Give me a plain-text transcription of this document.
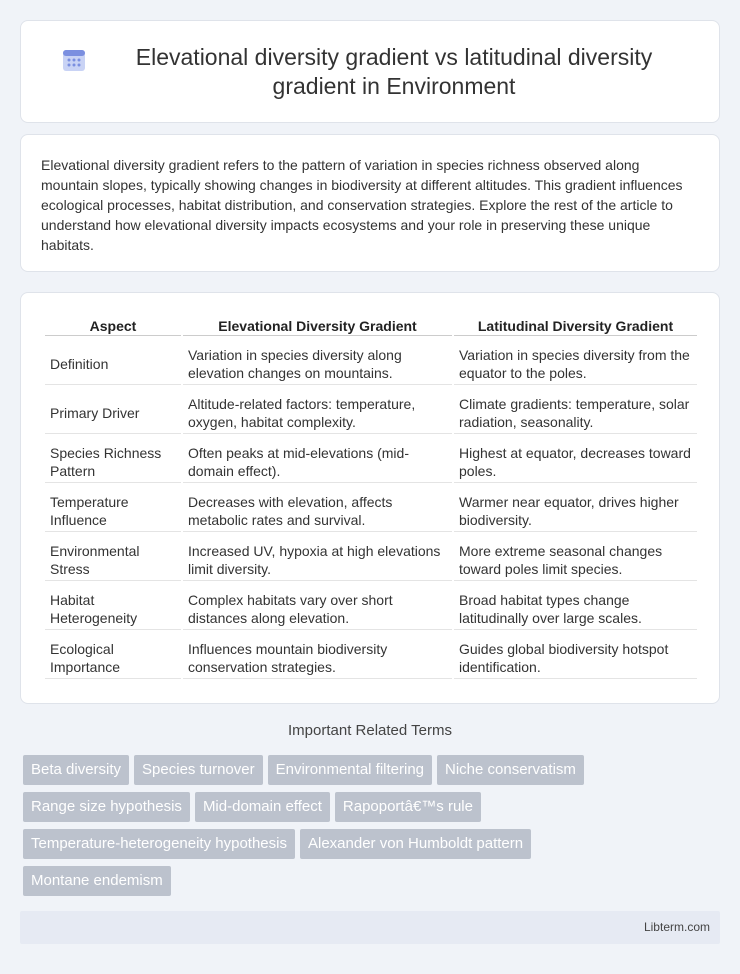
Elevational diversity gradient vs latitudinal diversity gradient in Environment

Elevational diversity gradient refers to the pattern of variation in species richness observed along mountain slopes, typically showing changes in biodiversity at different altitudes. This gradient influences ecological processes, habitat distribution, and conservation strategies. Explore the rest of the article to understand how elevational diversity impacts ecosystems and your role in preserving these unique habitats.

Aspect	Elevational Diversity Gradient	Latitudinal Diversity Gradient
Definition	Variation in species diversity along elevation changes on mountains.	Variation in species diversity from the equator to the poles.
Primary Driver	Altitude-related factors: temperature, oxygen, habitat complexity.	Climate gradients: temperature, solar radiation, seasonality.
Species Richness Pattern	Often peaks at mid-elevations (mid-domain effect).	Highest at equator, decreases toward poles.
Temperature Influence	Decreases with elevation, affects metabolic rates and survival.	Warmer near equator, drives higher biodiversity.
Environmental Stress	Increased UV, hypoxia at high elevations limit diversity.	More extreme seasonal changes toward poles limit species.
Habitat Heterogeneity	Complex habitats vary over short distances along elevation.	Broad habitat types change latitudinally over large scales.
Ecological Importance	Influences mountain biodiversity conservation strategies.	Guides global biodiversity hotspot identification.
Important Related Terms
Beta diversity Species turnover Environmental filtering Niche conservatism
Range size hypothesis Mid-domain effect Rapoportâ€™s rule
Temperature-heterogeneity hypothesis Alexander von Humboldt pattern
Montane endemism
Libterm.com
